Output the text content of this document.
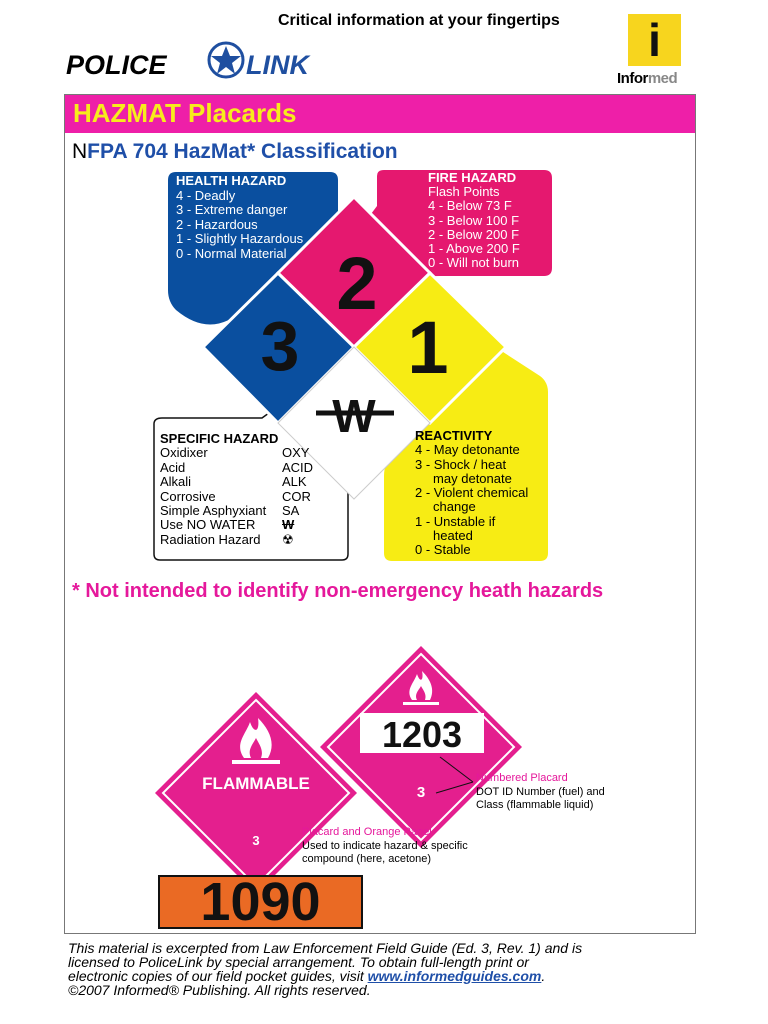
Critical information at your fingertips
POLICE	LINK	i
Informed
HAZMAT Placards
NFPA 704 HazMat* Classification
3
2
1
W
HEALTH HAZARD
4 - Deadly
3 - Extreme danger
2 - Hazardous
1 - Slightly Hazardous
0 - Normal Material
FIRE HAZARD
Flash Points
4 - Below 73 F
3 - Below 100 F
2 - Below 200 F
1 - Above 200 F
0 - Will not burn
SPECIFIC HAZARD
Oxidixer	OXY
Acid	ACID
Alkali	ALK
Corrosive	COR
Simple Asphyxiant	SA
Use NO WATER	W
Radiation Hazard	☢
REACTIVITY
4 - May detonante
3 - Shock / heat
may detonate
2 - Violent chemical
change
1 - Unstable if
heated
0 - Stable
* Not intended to identify non-emergency heath hazards
FLAMMABLE
3
1203
3
Numbered Placard
DOT ID Number (fuel) and
Class (flammable liquid)
Placard and Orange Panel
Used to indicate hazard & specific
compound (here, acetone)
1090
This material is excerpted from Law Enforcement Field Guide (Ed. 3, Rev. 1) and is
licensed to PoliceLink by special arrangement. To obtain full-length print or
electronic copies of our field pocket guides, visit www.informedguides.com.
©2007 Informed® Publishing. All rights reserved.
